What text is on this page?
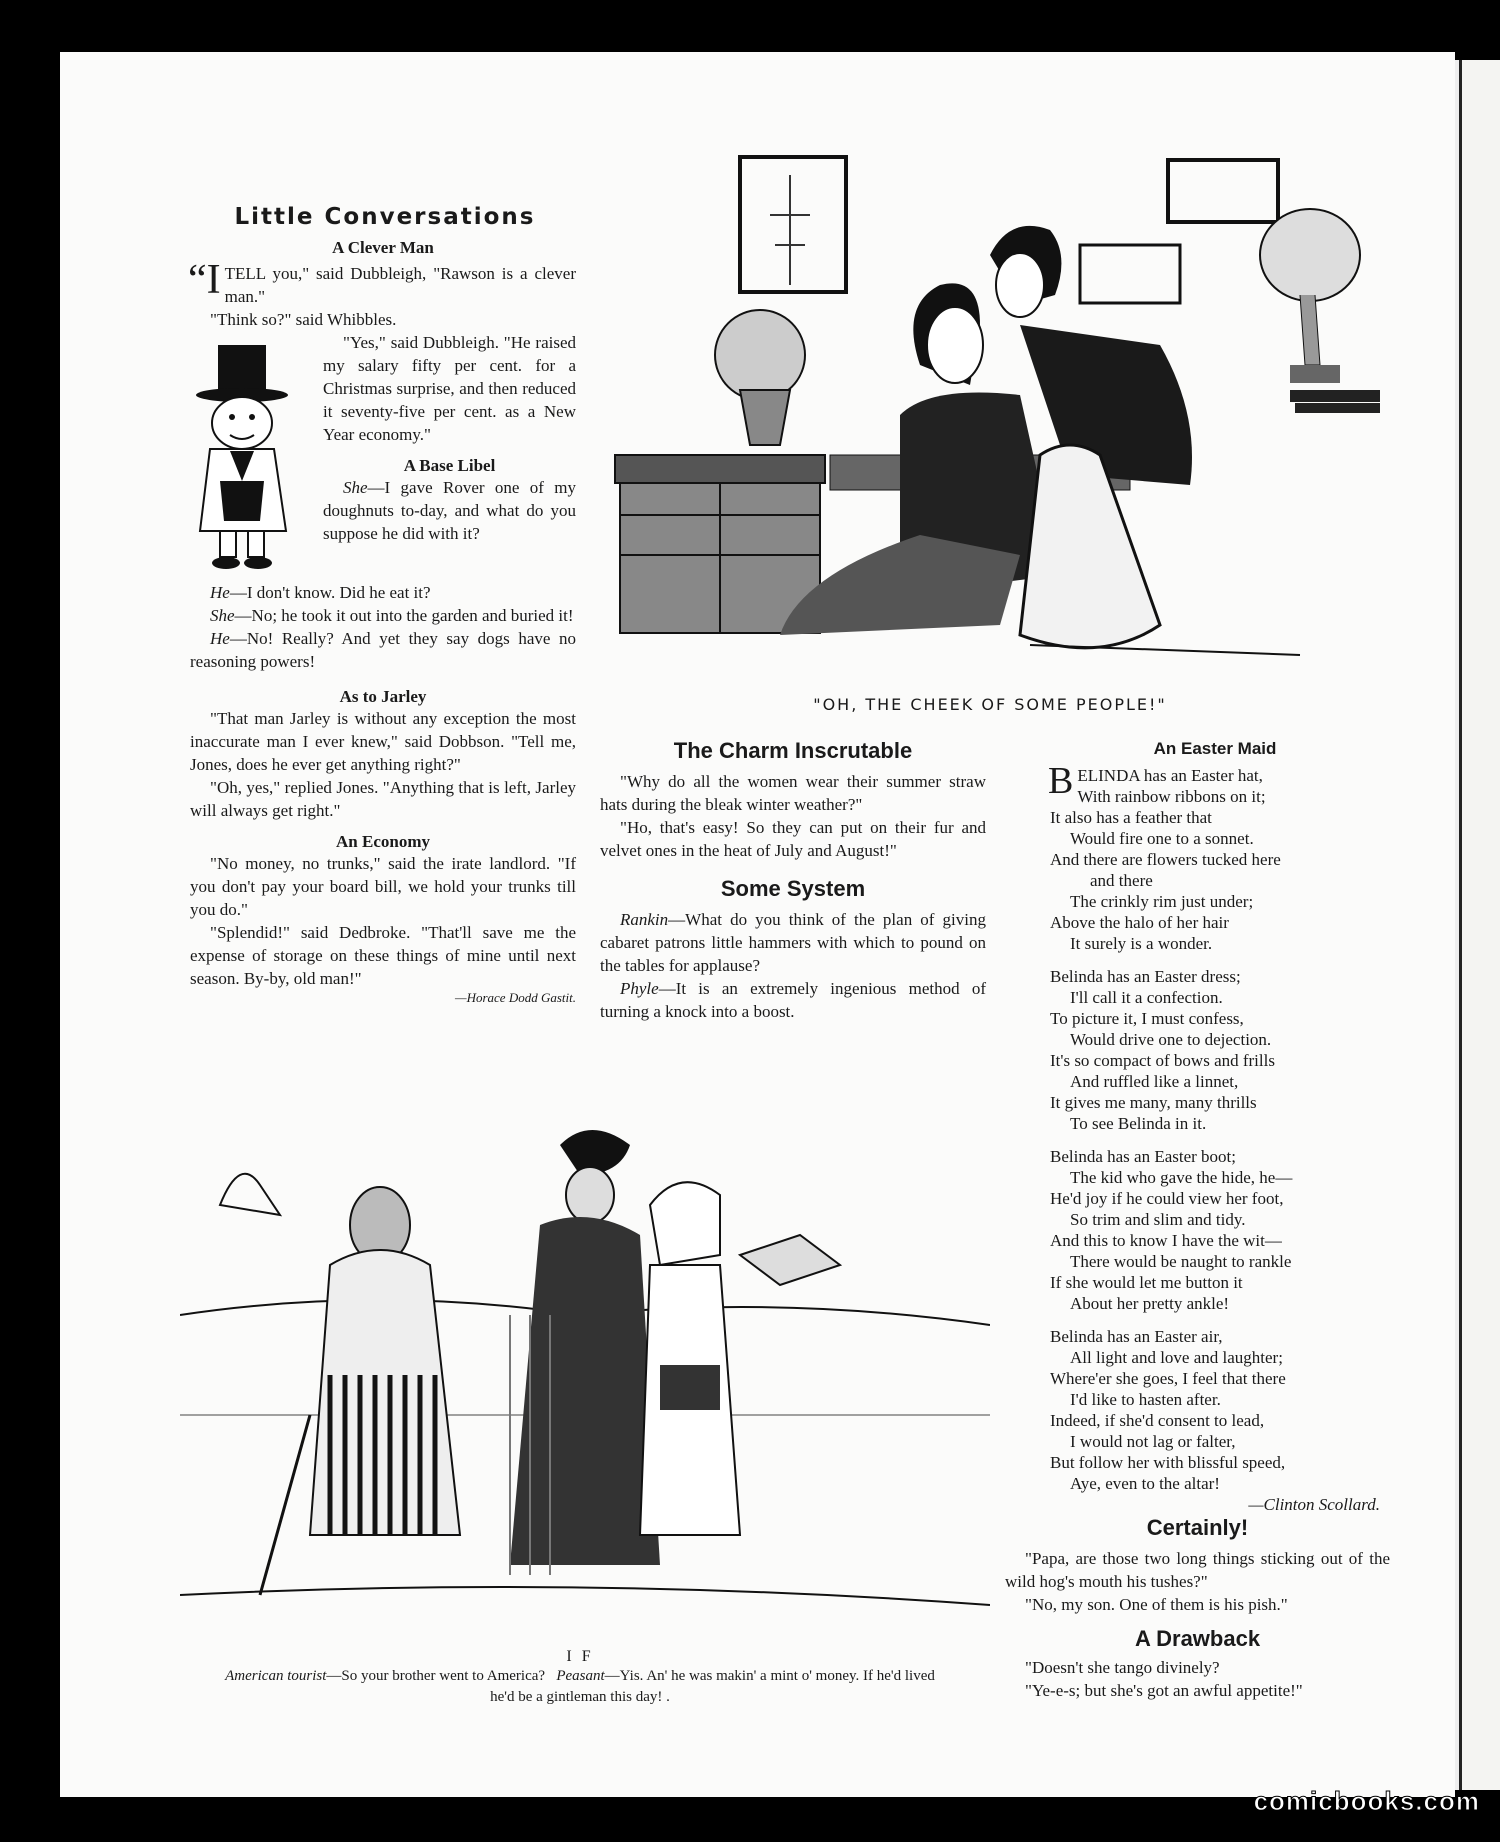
Little Conversations
A Clever Man

“ITELL you," said Dubbleigh, "Rawson is a clever man."

"Think so?" said Whibbles.

"Yes," said Dubbleigh. "He raised my salary fifty per cent. for a Christmas surprise, and then reduced it seventy-five per cent. as a New Year economy."

A Base Libel

She—I gave Rover one of my doughnuts to-day, and what do you suppose he did with it?

He—I don't know. Did he eat it?

She—No; he took it out into the garden and buried it!

He—No! Really? And yet they say dogs have no reasoning powers!

As to Jarley

"That man Jarley is without any exception the most inaccurate man I ever knew," said Dobbson. "Tell me, Jones, does he ever get anything right?"

"Oh, yes," replied Jones. "Anything that is left, Jarley will always get right."

An Economy

"No money, no trunks," said the irate landlord. "If you don't pay your board bill, we hold your trunks till you do."

"Splendid!" said Dedbroke. "That'll save me the expense of storage on these things of mine until next season. By-by, old man!"

—Horace Dodd Gastit.
"OH, THE CHEEK OF SOME PEOPLE!"
The Charm Inscrutable

"Why do all the women wear their summer straw hats during the bleak winter weather?"

"Ho, that's easy! So they can put on their fur and velvet ones in the heat of July and August!"

Some System

Rankin—What do you think of the plan of giving cabaret patrons little hammers with which to pound on the tables for applause?

Phyle—It is an extremely ingenious method of turning a knock into a boost.

An Easter Maid
BELINDA has an Easter hat,
With rainbow ribbons on it;
It also has a feather that
Would fire one to a sonnet.
And there are flowers tucked here
and there
The crinkly rim just under;
Above the halo of her hair
It surely is a wonder.
Belinda has an Easter dress;
I'll call it a confection.
To picture it, I must confess,
Would drive one to dejection.
It's so compact of bows and frills
And ruffled like a linnet,
It gives me many, many thrills
To see Belinda in it.
Belinda has an Easter boot;
The kid who gave the hide, he—
He'd joy if he could view her foot,
So trim and slim and tidy.
And this to know I have the wit—
There would be naught to rankle
If she would let me button it
About her pretty ankle!
Belinda has an Easter air,
All light and love and laughter;
Where'er she goes, I feel that there
I'd like to hasten after.
Indeed, if she'd consent to lead,
I would not lag or falter,
But follow her with blissful speed,
Aye, even to the altar!
—Clinton Scollard.
Certainly!

"Papa, are those two long things sticking out of the wild hog's mouth his tushes?"

"No, my son. One of them is his pish."

A Drawback

"Doesn't she tango divinely?

"Ye-e-s; but she's got an awful appetite!"

I F
American tourist—So your brother went to America? Peasant—Yis. An' he was makin' a mint o' money. If he'd lived he'd be a gintleman this day! .
comicbooks.com
